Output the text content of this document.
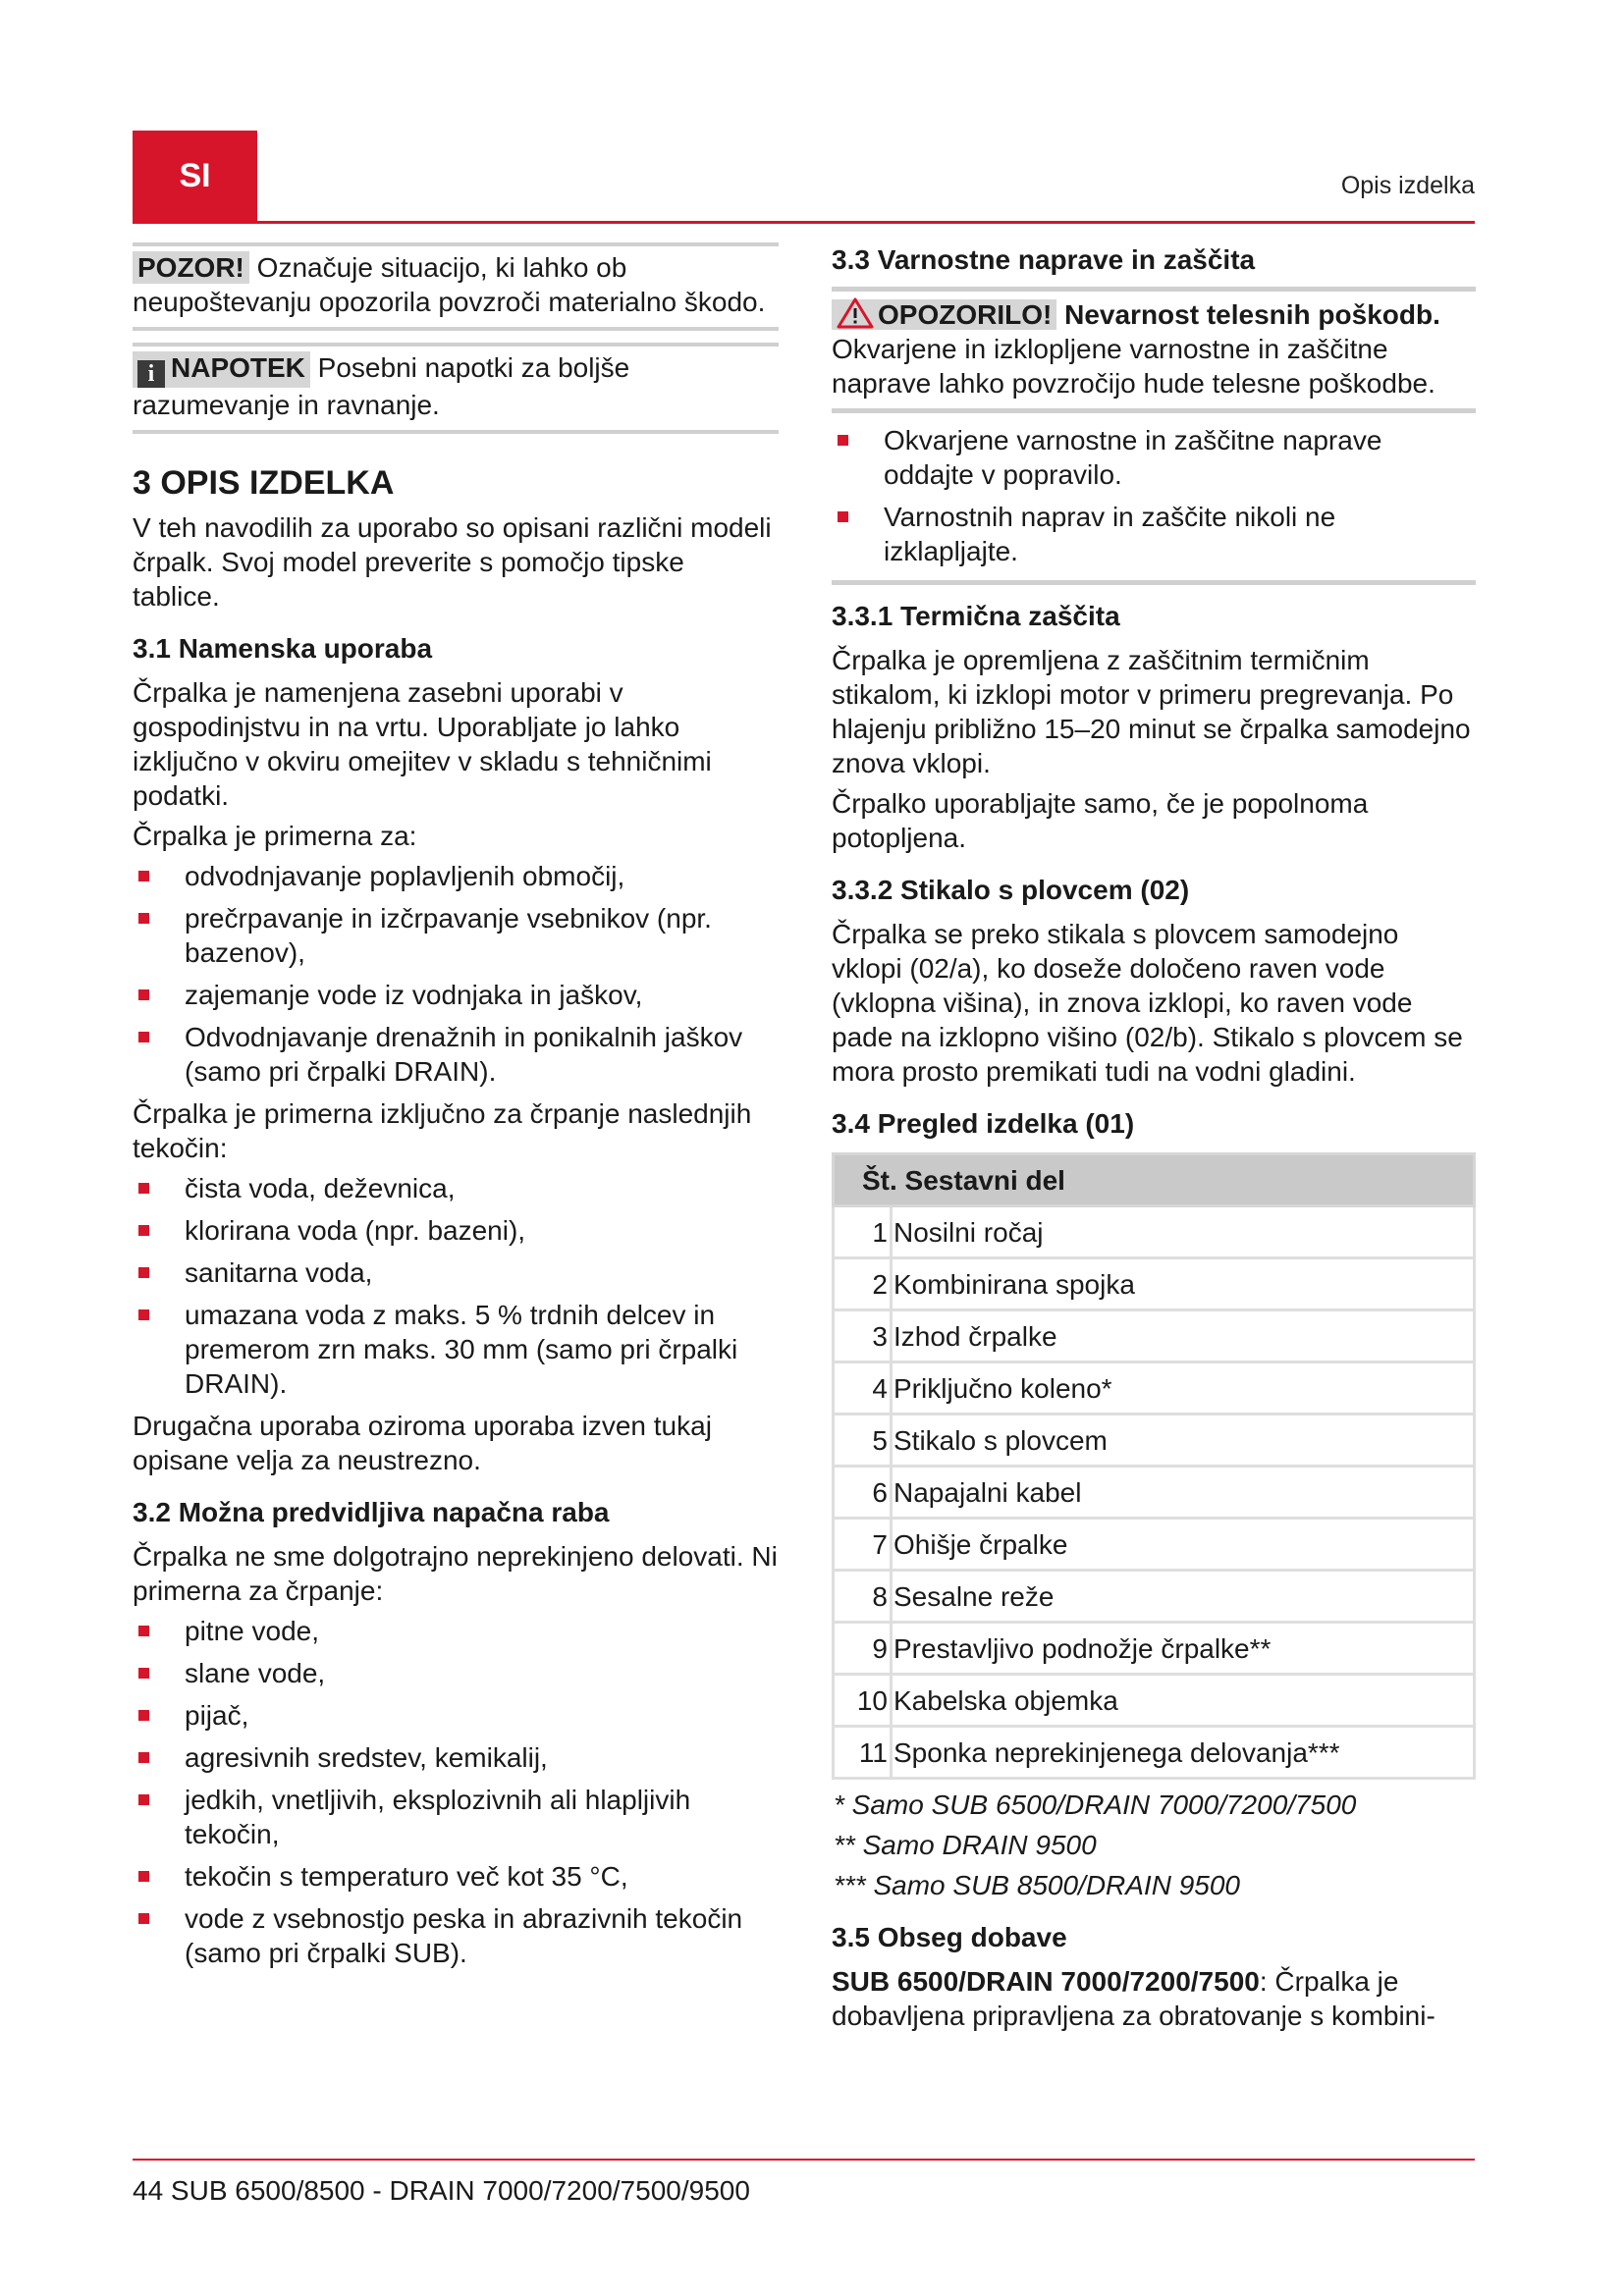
SI	Opis izdelka
POZOR! Označuje situacijo, ki lahko ob neupoštevanju opozorila povzroči materialno škodo.
i NAPOTEK Posebni napotki za boljše razumevanje in ravnanje.
3 OPIS IZDELKA

V teh navodilih za uporabo so opisani različni modeli črpalk. Svoj model preverite s pomočjo tipske tablice.

3.1 Namenska uporaba

Črpalka je namenjena zasebni uporabi v gospodinjstvu in na vrtu. Uporabljate jo lahko izključno v okviru omejitev v skladu s tehničnimi podatki.

Črpalka je primerna za:

odvodnjavanje poplavljenih območij,
prečrpavanje in izčrpavanje vsebnikov (npr. bazenov),
zajemanje vode iz vodnjaka in jaškov,
Odvodnjavanje drenažnih in ponikalnih jaškov (samo pri črpalki DRAIN).

Črpalka je primerna izključno za črpanje naslednjih tekočin:

čista voda, deževnica,
klorirana voda (npr. bazeni),
sanitarna voda,
umazana voda z maks. 5 % trdnih delcev in premerom zrn maks. 30 mm (samo pri črpalki DRAIN).

Drugačna uporaba oziroma uporaba izven tukaj opisane velja za neustrezno.

3.2 Možna predvidljiva napačna raba

Črpalka ne sme dolgotrajno neprekinjeno delovati. Ni primerna za črpanje:

pitne vode,
slane vode,
pijač,
agresivnih sredstev, kemikalij,
jedkih, vnetljivih, eksplozivnih ali hlapljivih tekočin,
tekočin s temperaturo več kot 35 °C,
vode z vsebnostjo peska in abrazivnih tekočin (samo pri črpalki SUB).
3.3 Varnostne naprave in zaščita
OPOZORILO! Nevarnost telesnih poškodb. Okvarjene in izklopljene varnostne in zaščitne naprave lahko povzročijo hude telesne poškodbe.
Okvarjene varnostne in zaščitne naprave oddajte v popravilo.
Varnostnih naprav in zaščite nikoli ne izklapljajte.
3.3.1 Termična zaščita

Črpalka je opremljena z zaščitnim termičnim stikalom, ki izklopi motor v primeru pregrevanja. Po hlajenju približno 15–20 minut se črpalka samodejno znova vklopi.

Črpalko uporabljajte samo, če je popolnoma potopljena.

3.3.2 Stikalo s plovcem (02)

Črpalka se preko stikala s plovcem samodejno vklopi (02/a), ko doseže določeno raven vode (vklopna višina), in znova izklopi, ko raven vode pade na izklopno višino (02/b). Stikalo s plovcem se mora prosto premikati tudi na vodni gladini.

3.4 Pregled izdelka (01)
Št. Sestavni del	
1	Nosilni ročaj
2	Kombinirana spojka
3	Izhod črpalke
4	Priključno koleno*
5	Stikalo s plovcem
6	Napajalni kabel
7	Ohišje črpalke
8	Sesalne reže
9	Prestavljivo podnožje črpalke**
10	Kabelska objemka
11	Sponka neprekinjenega delovanja***
* Samo SUB 6500/DRAIN 7000/7200/7500
** Samo DRAIN 9500
*** Samo SUB 8500/DRAIN 9500
3.5 Obseg dobave

SUB 6500/DRAIN 7000/7200/7500: Črpalka je dobavljena pripravljena za obratovanje s kombini-

44 SUB 6500/8500 - DRAIN 7000/7200/7500/9500
